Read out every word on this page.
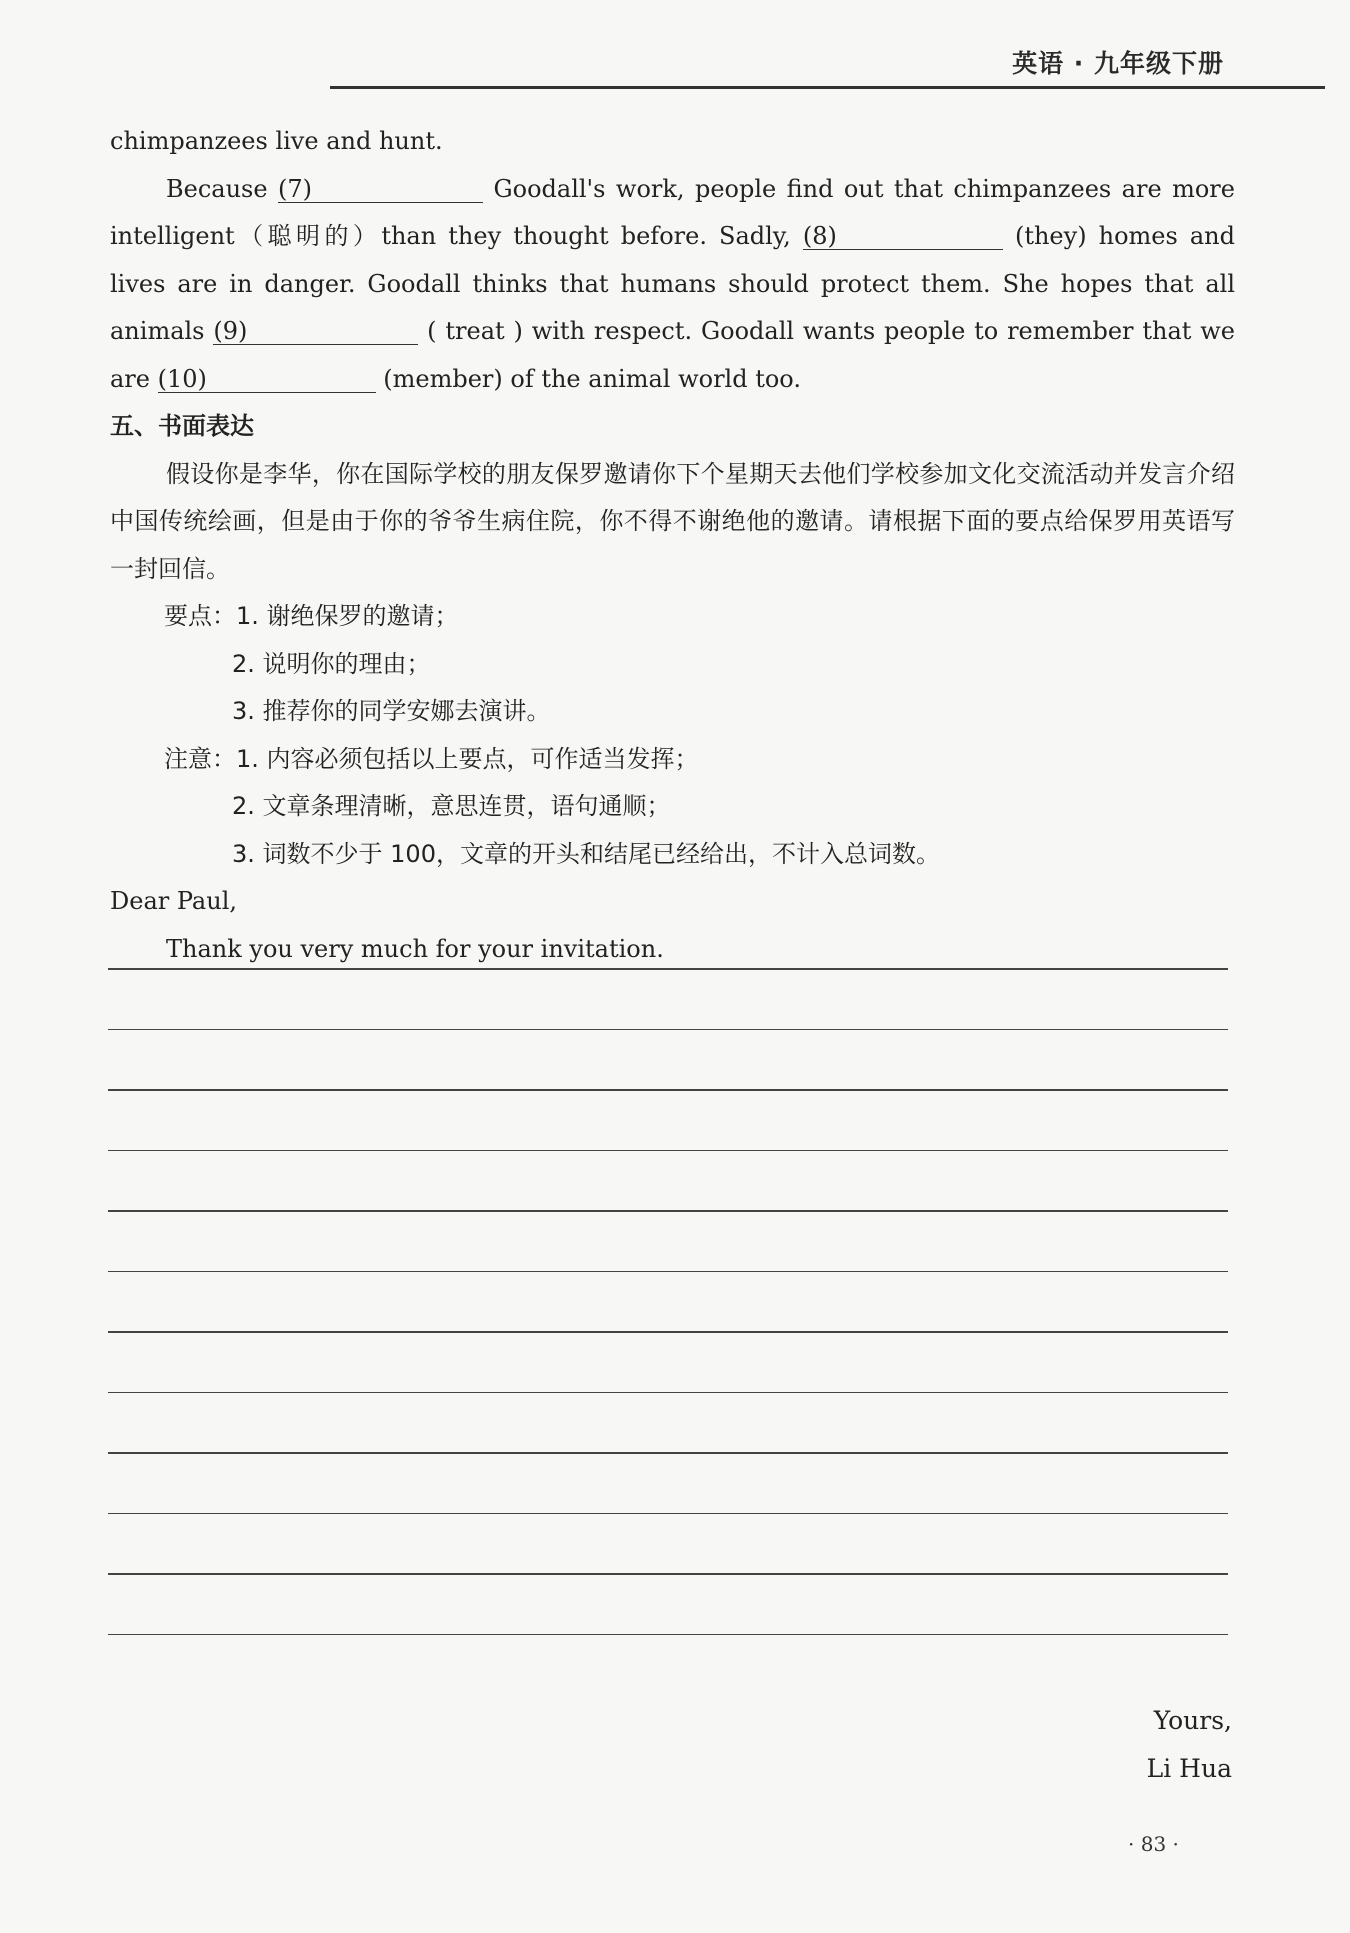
英语 · 九年级下册

chimpanzees live and hunt.

Because (7)	Goodall's work, people find out that chimpanzees are more intelligent（聪明的）than they thought before. Sadly, (8)	(they) homes and lives are in danger. Goodall thinks that humans should protect them. She hopes that all animals (9)	( treat ) with respect. Goodall wants people to remember that we are (10)	(member) of the animal world too.

五、书面表达

假设你是李华，你在国际学校的朋友保罗邀请你下个星期天去他们学校参加文化交流活动并发言介绍中国传统绘画，但是由于你的爷爷生病住院，你不得不谢绝他的邀请。请根据下面的要点给保罗用英语写一封回信。

要点：1. 谢绝保罗的邀请；
2. 说明你的理由；
3. 推荐你的同学安娜去演讲。
注意：1. 内容必须包括以上要点，可作适当发挥；
2. 文章条理清晰，意思连贯，语句通顺；
3. 词数不少于 100，文章的开头和结尾已经给出，不计入总词数。

Dear Paul,

Thank you very much for your invitation.

Yours,
Li Hua
· 83 ·
